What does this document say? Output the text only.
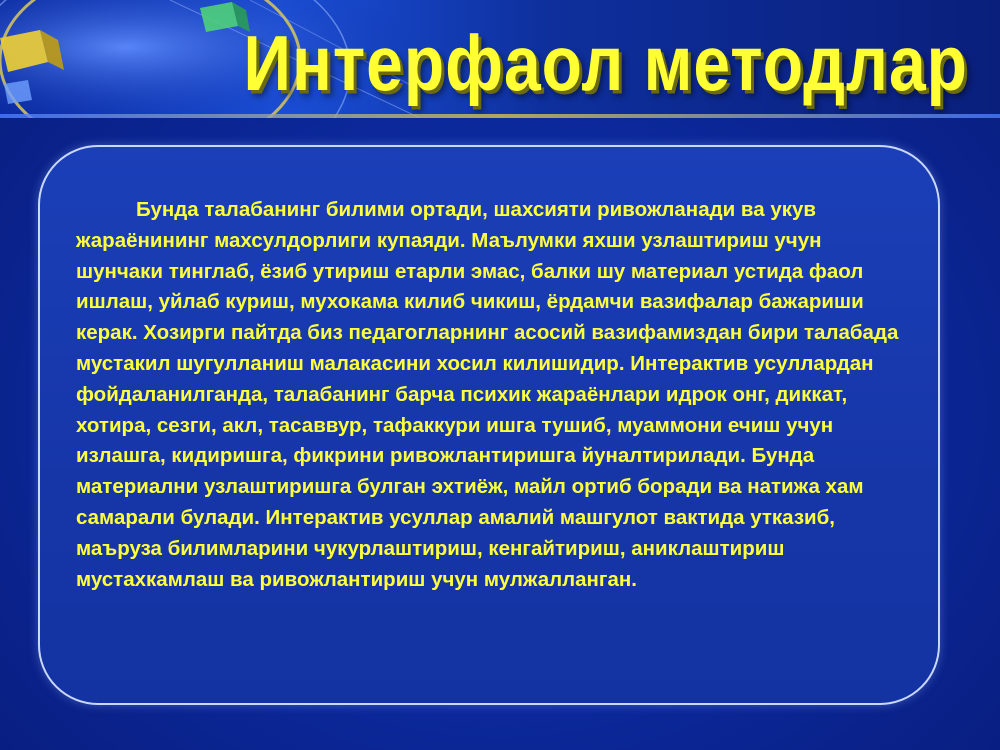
Интерфаол методлар

Бунда талабанинг билими ортади, шахсияти ривожланади ва укув жараёнининг махсулдорлиги купаяди. Маълумки яхши узлаштириш учун шунчаки тинглаб, ёзиб утириш етарли эмас, балки шу материал устида фаол ишлаш, уйлаб куриш, мухокама килиб чикиш, ёрдамчи вазифалар бажариши керак. Хозирги пайтда биз педагогларнинг асосий вазифамиздан бири талабада мустакил шугулланиш малакасини хосил килишидир. Интерактив усуллардан фойдаланилганда, талабанинг барча психик жараёнлари идрок онг, диккат, хотира, сезги, акл, тасаввур, тафаккури ишга тушиб, муаммони ечиш учун излашга, кидиришга, фикрини ривожлантиришга йуналтирилади. Бунда материални узлаштиришга булган эхтиёж, майл ортиб боради ва натижа хам самарали булади. Интерактив усуллар амалий машгулот вактида утказиб, маъруза билимларини чукурлаштириш, кенгайтириш, аниклаштириш мустахкамлаш ва ривожлантириш учун мулжалланган.
